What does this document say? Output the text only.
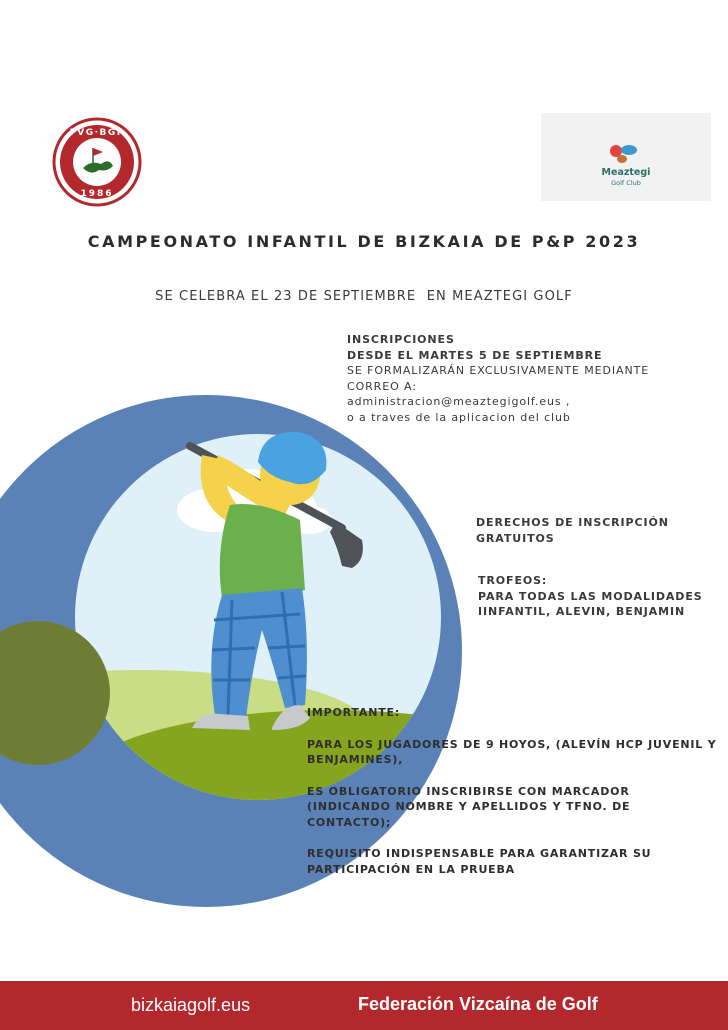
FVG·BGF
1986
Meaztegi
Golf Club
CAMPEONATO INFANTIL DE BIZKAIA DE P&P 2023
SE CELEBRA EL 23 DE SEPTIEMBRE  EN MEAZTEGI GOLF
INSCRIPCIONES
DESDE EL MARTES 5 DE SEPTIEMBRE
SE FORMALIZARÁN EXCLUSIVAMENTE MEDIANTE
CORREO A:
administracion@meaztegigolf.eus ,
o a traves de la aplicacion del club
DERECHOS DE INSCRIPCIÓN
GRATUITOS
TROFEOS:
PARA TODAS LAS MODALIDADES
IINFANTIL, ALEVIN, BENJAMIN

IMPORTANTE:

PARA LOS JUGADORES DE 9 HOYOS, (ALEVÍN HCP JUVENIL Y BENJAMINES),

ES OBLIGATORIO INSCRIBIRSE CON MARCADOR (INDICANDO NOMBRE Y APELLIDOS Y TFNO. DE CONTACTO);

REQUISITO INDISPENSABLE PARA GARANTIZAR SU PARTICIPACIÓN EN LA PRUEBA

bizkaiagolf.eus	Federación Vizcaína de Golf
